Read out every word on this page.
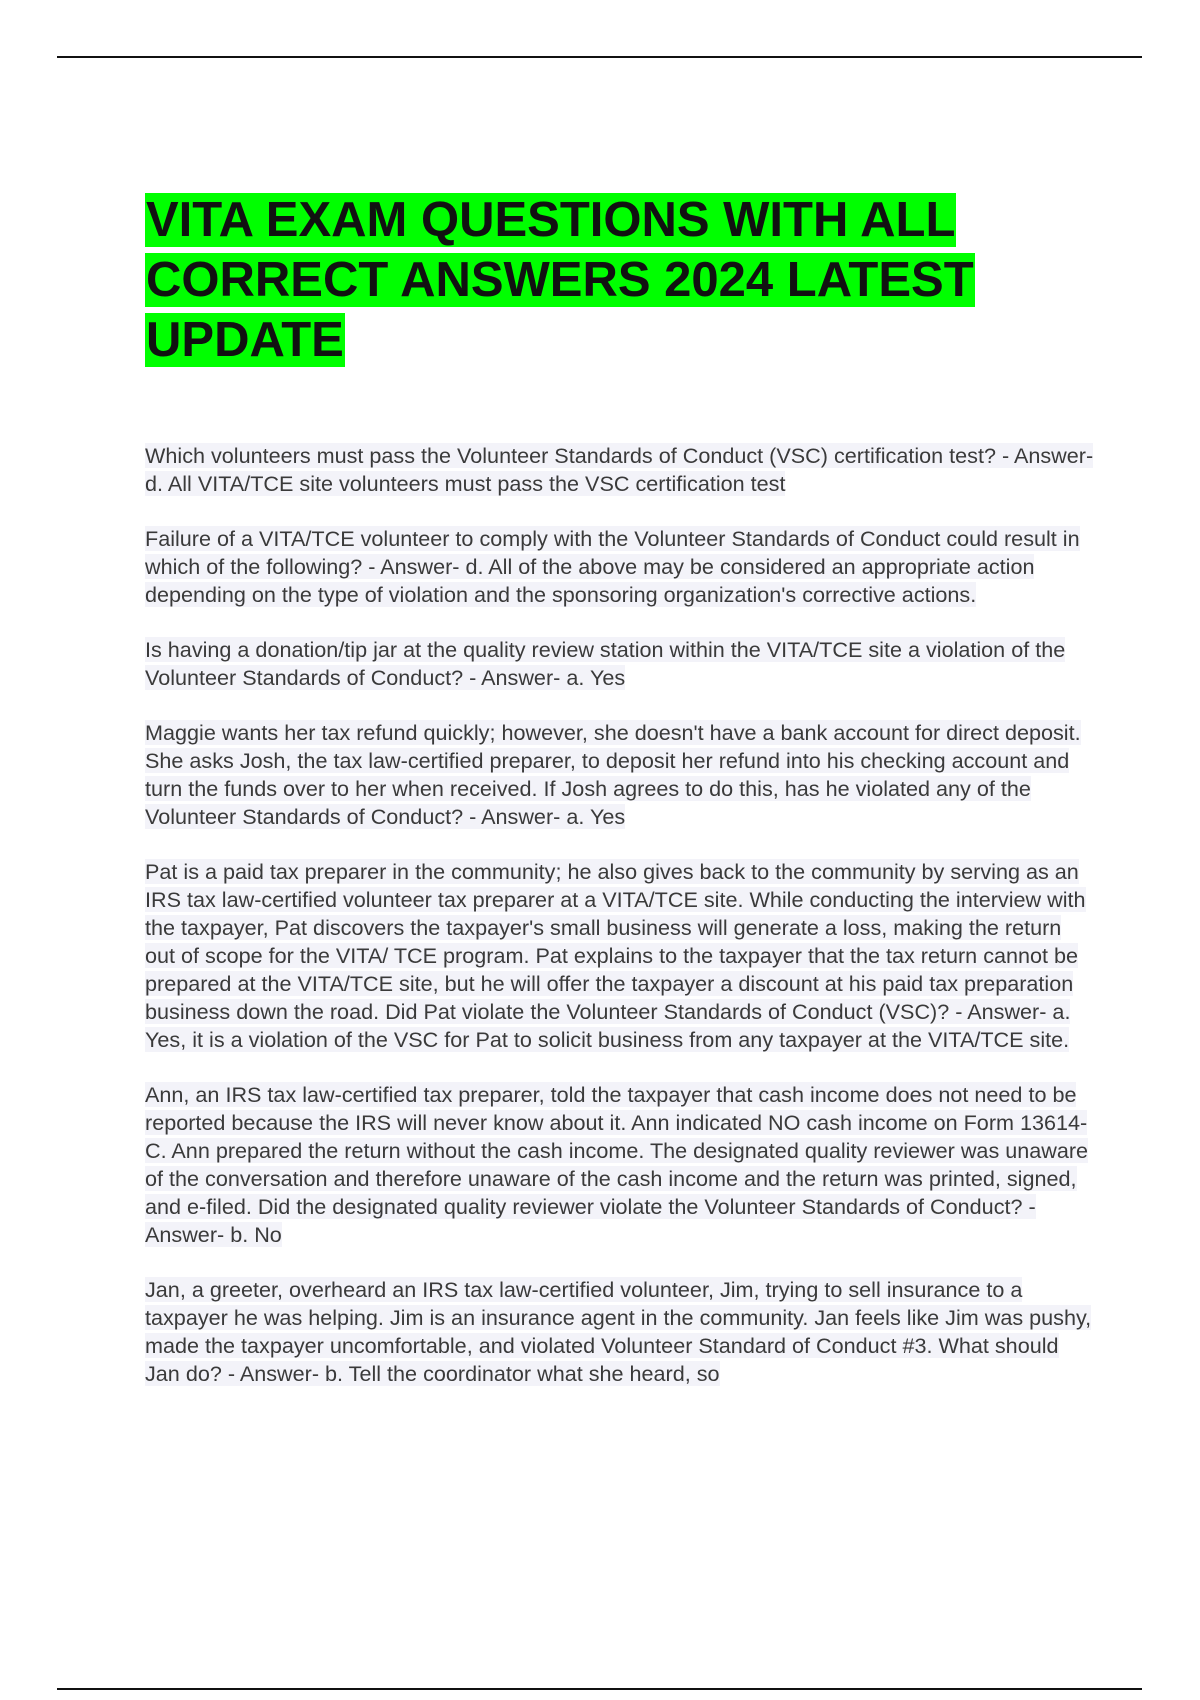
VITA EXAM QUESTIONS WITH ALL CORRECT ANSWERS 2024 LATEST UPDATE

Which volunteers must pass the Volunteer Standards of Conduct (VSC) certification test? - Answer- d. All VITA/TCE site volunteers must pass the VSC certification test

Failure of a VITA/TCE volunteer to comply with the Volunteer Standards of Conduct could result in which of the following? - Answer- d. All of the above may be considered an appropriate action depending on the type of violation and the sponsoring organization's corrective actions.

Is having a donation/tip jar at the quality review station within the VITA/TCE site a violation of the Volunteer Standards of Conduct? - Answer- a. Yes

Maggie wants her tax refund quickly; however, she doesn't have a bank account for direct deposit. She asks Josh, the tax law-certified preparer, to deposit her refund into his checking account and turn the funds over to her when received. If Josh agrees to do this, has he violated any of the Volunteer Standards of Conduct? - Answer- a. Yes

Pat is a paid tax preparer in the community; he also gives back to the community by serving as an IRS tax law-certified volunteer tax preparer at a VITA/TCE site. While conducting the interview with the taxpayer, Pat discovers the taxpayer's small business will generate a loss, making the return out of scope for the VITA/ TCE program. Pat explains to the taxpayer that the tax return cannot be prepared at the VITA/TCE site, but he will offer the taxpayer a discount at his paid tax preparation business down the road. Did Pat violate the Volunteer Standards of Conduct (VSC)? - Answer- a. Yes, it is a violation of the VSC for Pat to solicit business from any taxpayer at the VITA/TCE site.

Ann, an IRS tax law-certified tax preparer, told the taxpayer that cash income does not need to be reported because the IRS will never know about it. Ann indicated NO cash income on Form 13614-C. Ann prepared the return without the cash income. The designated quality reviewer was unaware of the conversation and therefore unaware of the cash income and the return was printed, signed, and e-filed. Did the designated quality reviewer violate the Volunteer Standards of Conduct? - Answer- b. No

Jan, a greeter, overheard an IRS tax law-certified volunteer, Jim, trying to sell insurance to a taxpayer he was helping. Jim is an insurance agent in the community. Jan feels like Jim was pushy, made the taxpayer uncomfortable, and violated Volunteer Standard of Conduct #3. What should Jan do? - Answer- b. Tell the coordinator what she heard, so
